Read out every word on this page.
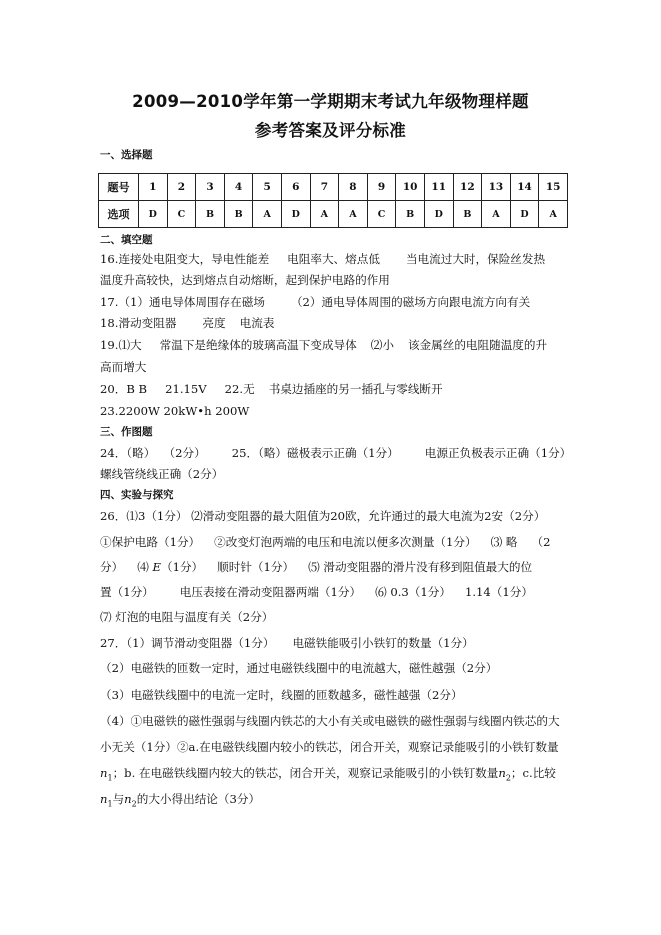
2009—2010学年第一学期期末考试九年级物理样题
参考答案及评分标准
一、选择题
题号	1	2	3	4	5	6	7	8	9	10	11	12	13	14	15
选项	D	C	B	B	A	D	A	A	C	B	D	B	A	D	A
二、填空题
16.连接处电阻变大，导电性能差 电阻率大、熔点低 当电流过大时，保险丝发热
温度升高较快，达到熔点自动熔断，起到保护电路的作用
17.（1）通电导体周围存在磁场 （2）通电导体周围的磁场方向跟电流方向有关
18.滑动变阻器 亮度 电流表
19.⑴大 常温下是绝缘体的玻璃高温下变成导体 ⑵小 该金属丝的电阻随温度的升
高而增大
20．B B 21.15V 22.无 书桌边插座的另一插孔与零线断开
23.2200W 20kW•h 200W
三、作图题
24．（略） （2分） 25．（略）磁极表示正确（1分） 电源正负极表示正确（1分）
螺线管绕线正确（2分）
四、实验与探究
26．⑴3（1分） ⑵滑动变阻器的最大阻值为20欧，允许通过的最大电流为2安（2分）
①保护电路（1分） ②改变灯泡两端的电压和电流以便多次测量（1分） ⑶ 略 （2
分） ⑷ E（1分） 顺时针（1分） ⑸ 滑动变阻器的滑片没有移到阻值最大的位
置（1分） 电压表接在滑动变阻器两端（1分） ⑹ 0.3（1分） 1.14（1分）
⑺ 灯泡的电阻与温度有关（2分）
27．（1）调节滑动变阻器（1分） 电磁铁能吸引小铁钉的数量（1分）
（2）电磁铁的匝数一定时，通过电磁铁线圈中的电流越大，磁性越强（2分）
（3）电磁铁线圈中的电流一定时，线圈的匝数越多，磁性越强（2分）
（4）①电磁铁的磁性强弱与线圈内铁芯的大小有关或电磁铁的磁性强弱与线圈内铁芯的大
小无关（1分）②a.在电磁铁线圈内较小的铁芯，闭合开关，观察记录能吸引的小铁钉数量
$n_1$；b. 在电磁铁线圈内较大的铁芯，闭合开关，观察记录能吸引的小铁钉数量$n_2$；c.比较
$n_1$与$n_2$的大小得出结论（3分）
